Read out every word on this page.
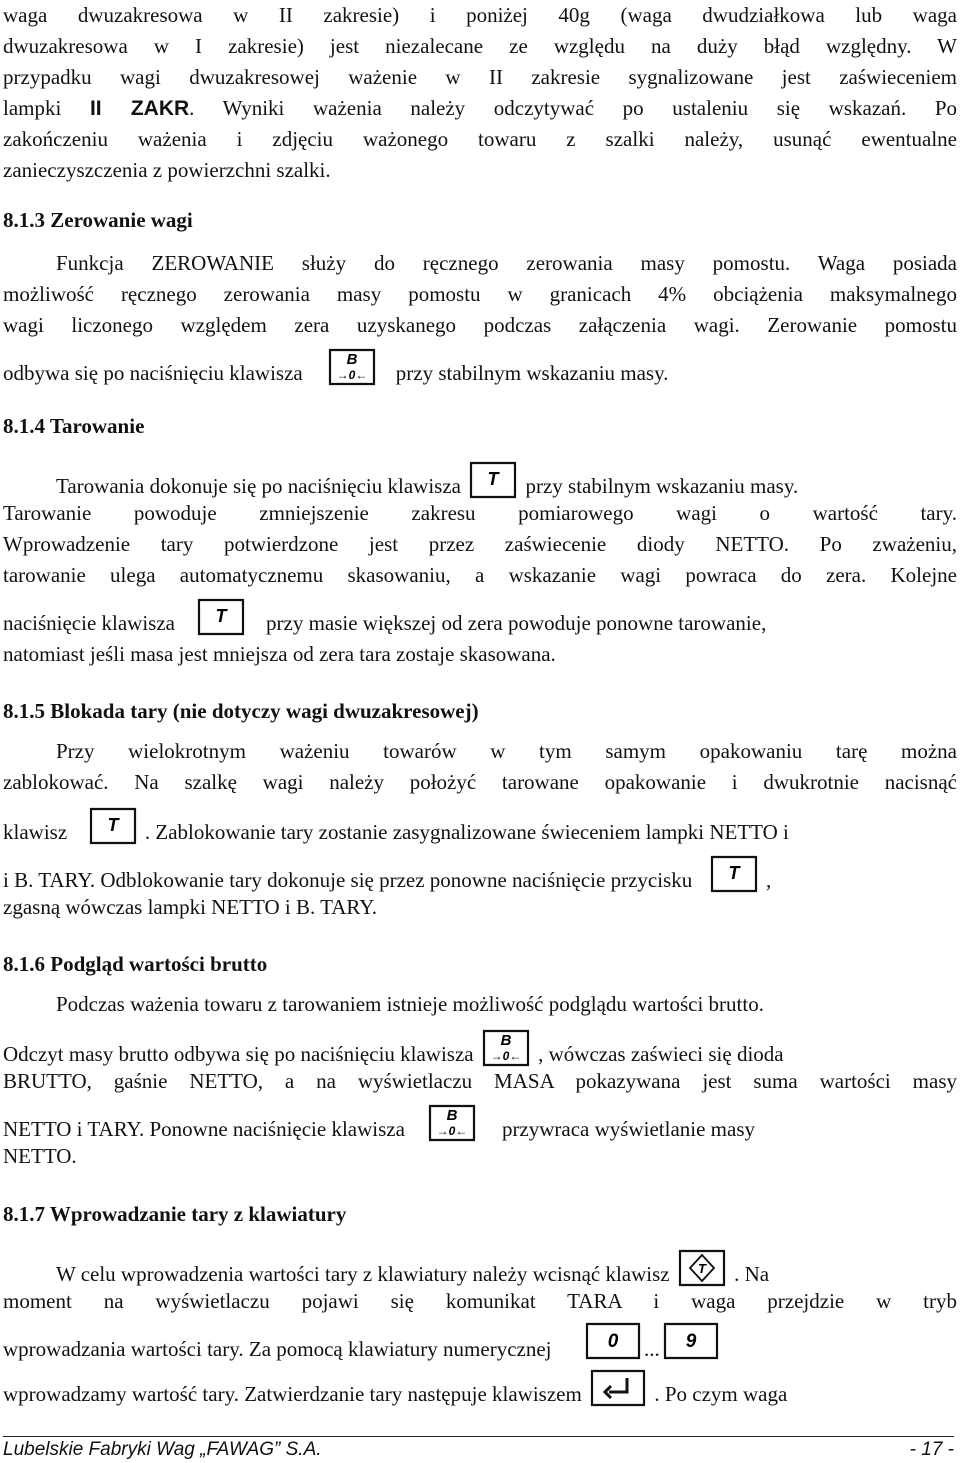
waga dwuzakresowa w II zakresie) i poniżej 40g (waga dwudziałkowa lub waga
dwuzakresowa w I zakresie) jest niezalecane ze względu na duży błąd względny. W
przypadku wagi dwuzakresowej ważenie w II zakresie sygnalizowane jest zaświeceniem
lampki II ZAKR. Wyniki ważenia należy odczytywać po ustaleniu się wskazań. Po
zakończeniu ważenia i zdjęciu ważonego towaru z szalki należy, usunąć ewentualne
zanieczyszczenia z powierzchni szalki.
8.1.3 Zerowanie wagi
Funkcja ZEROWANIE służy do ręcznego zerowania masy pomostu. Waga posiada
możliwość ręcznego zerowania masy pomostu w granicach 4% obciążenia maksymalnego
wagi liczonego względem zera uzyskanego podczas załączenia wagi. Zerowanie pomostu
odbywa się po naciśnięciu klawisza
B
→0← przy stabilnym wskazaniu masy.
8.1.4 Tarowanie
Tarowania dokonuje się po naciśnięciu klawisza T przy stabilnym wskazaniu masy.
Tarowanie powoduje zmniejszenie zakresu pomiarowego wagi o wartość tary.
Wprowadzenie tary potwierdzone jest przez zaświecenie diody NETTO. Po zważeniu,
tarowanie ulega automatycznemu skasowaniu, a wskazanie wagi powraca do zera. Kolejne
naciśnięcie klawisza T przy masie większej od zera powoduje ponowne tarowanie,
natomiast jeśli masa jest mniejsza od zera tara zostaje skasowana.
8.1.5 Blokada tary (nie dotyczy wagi dwuzakresowej)
Przy wielokrotnym ważeniu towarów w tym samym opakowaniu tarę można
zablokować. Na szalkę wagi należy położyć tarowane opakowanie i dwukrotnie nacisnąć
klawisz T . Zablokowanie tary zostanie zasygnalizowane świeceniem lampki NETTO i
i B. TARY. Odblokowanie tary dokonuje się przez ponowne naciśnięcie przycisku T ,
zgasną wówczas lampki NETTO i B. TARY.
8.1.6 Podgląd wartości brutto
Podczas ważenia towaru z tarowaniem istnieje możliwość podglądu wartości brutto.
Odczyt masy brutto odbywa się po naciśnięciu klawisza
B
→0← , wówczas zaświeci się dioda
BRUTTO, gaśnie NETTO, a na wyświetlaczu MASA pokazywana jest suma wartości masy
NETTO i TARY. Ponowne naciśnięcie klawisza
B
→0← przywraca wyświetlanie masy
NETTO.
8.1.7 Wprowadzanie tary z klawiatury
W celu wprowadzenia wartości tary z klawiatury należy wcisnąć klawisz T . Na
moment na wyświetlaczu pojawi się komunikat TARA i waga przejdzie w tryb
wprowadzania wartości tary. Za pomocą klawiatury numerycznej	0 ... 9
wprowadzamy wartość tary. Zatwierdzanie tary następuje klawiszem	. Po czym waga
Lubelskie Fabryki Wag „FAWAG” S.A.	- 17 -
